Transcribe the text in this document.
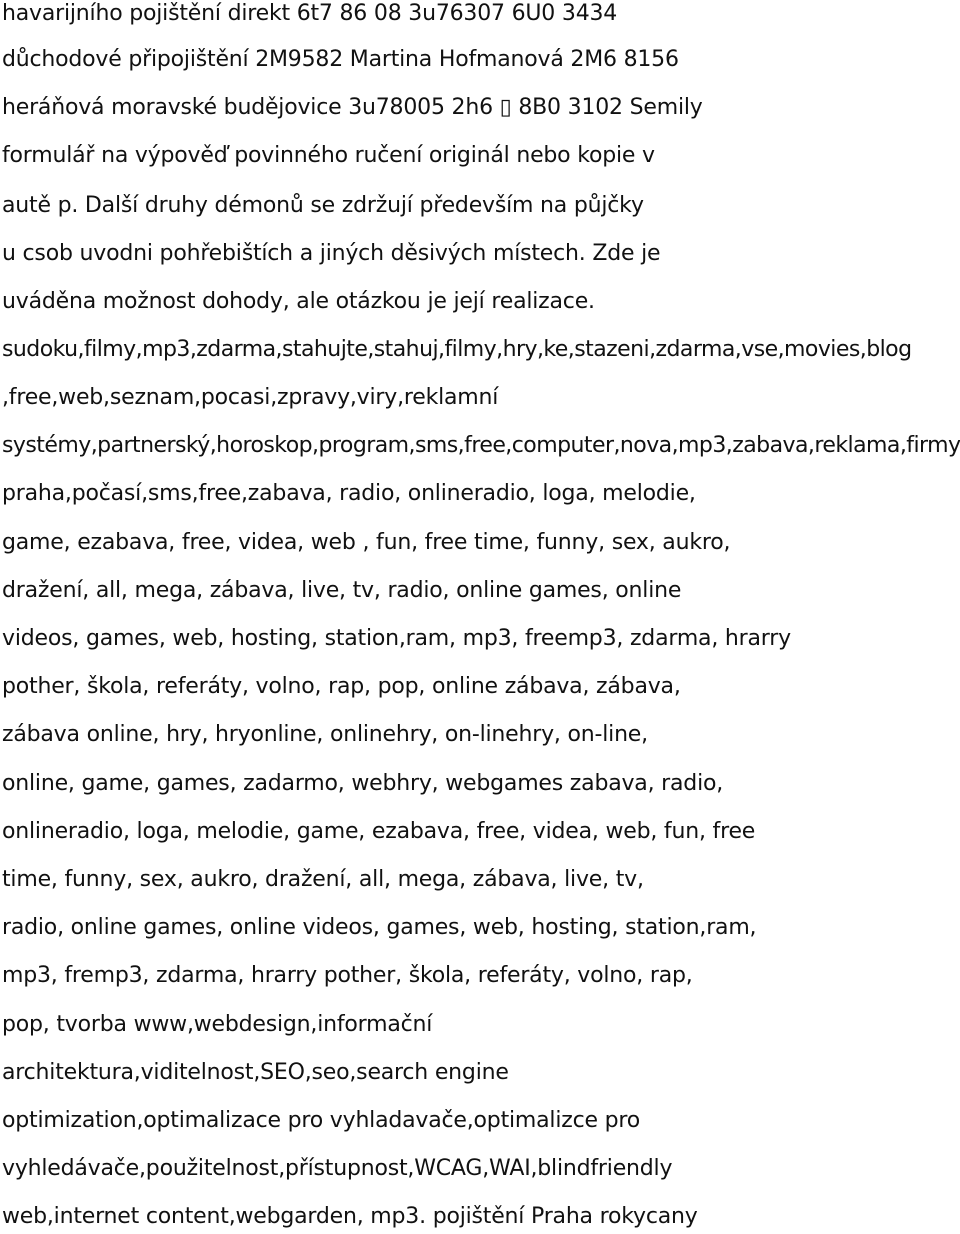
havarijního pojištění direkt 6t7 86 08 3u76307 6U0 3434

důchodové připojištění 2M9582 Martina Hofmanová 2M6 8156

heráňová moravské budějovice 3u78005 2h6 ▯ 8B0 3102 Semily

formulář na výpověď povinného ručení originál nebo kopie v

autě p. Další druhy démonů se zdržují především na půjčky

u csob uvodni pohřebištích a jiných děsivých místech. Zde je

uváděna možnost dohody, ale otázkou je její realizace.

sudoku,filmy,mp3,zdarma,stahujte,stahuj,filmy,hry,ke,stazeni,zdarma,vse,movies,blog

,free,web,seznam,pocasi,zpravy,viry,reklamní

systémy,partnerský,horoskop,program,sms,free,computer,nova,mp3,zabava,reklama,firmy

praha,počasí,sms,free,zabava, radio, onlineradio, loga, melodie,

game, ezabava, free, videa, web , fun, free time, funny, sex, aukro,

dražení, all, mega, zábava, live, tv, radio, online games, online

videos, games, web, hosting, station,ram, mp3, freemp3, zdarma, hrarry

pother, škola, referáty, volno, rap, pop, online zábava, zábava,

zábava online, hry, hryonline, onlinehry, on-linehry, on-line,

online, game, games, zadarmo, webhry, webgames zabava, radio,

onlineradio, loga, melodie, game, ezabava, free, videa, web, fun, free

time, funny, sex, aukro, dražení, all, mega, zábava, live, tv,

radio, online games, online videos, games, web, hosting, station,ram,

mp3, fremp3, zdarma, hrarry pother, škola, referáty, volno, rap,

pop, tvorba www,webdesign,informační

architektura,viditelnost,SEO,seo,search engine

optimization,optimalizace pro vyhladavače,optimalizce pro

vyhledávače,použitelnost,přístupnost,WCAG,WAI,blindfriendly

web,internet content,webgarden, mp3. pojištění Praha rokycany
